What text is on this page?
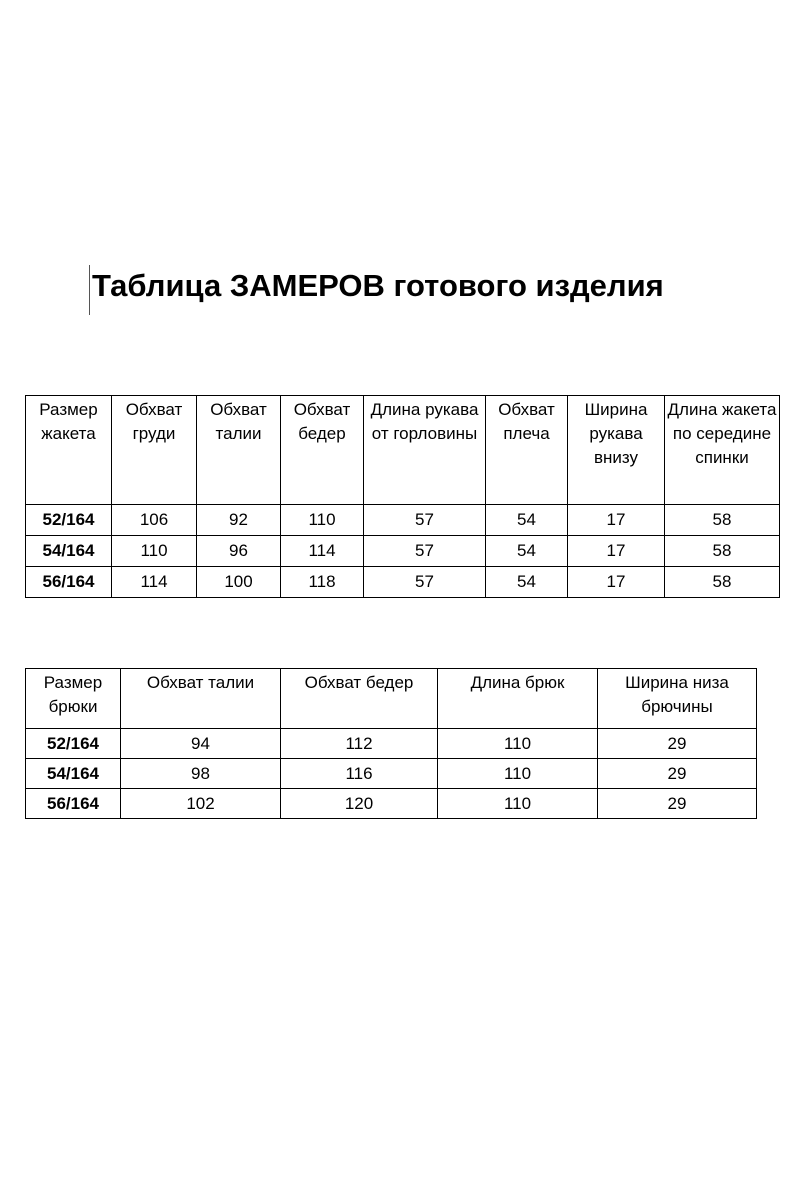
Таблица ЗАМЕРОВ готового изделия
Размер жакета	Обхват груди	Обхват талии	Обхват бедер	Длина рукава от горловины	Обхват плеча	Ширина рукава внизу	Длина жакета по середине спинки
52/164	106	92	110	57	54	17	58
54/164	110	96	114	57	54	17	58
56/164	114	100	118	57	54	17	58
Размер брюки	Обхват талии	Обхват бедер	Длина брюк	Ширина низа брючины
52/164	94	112	110	29
54/164	98	116	110	29
56/164	102	120	110	29
